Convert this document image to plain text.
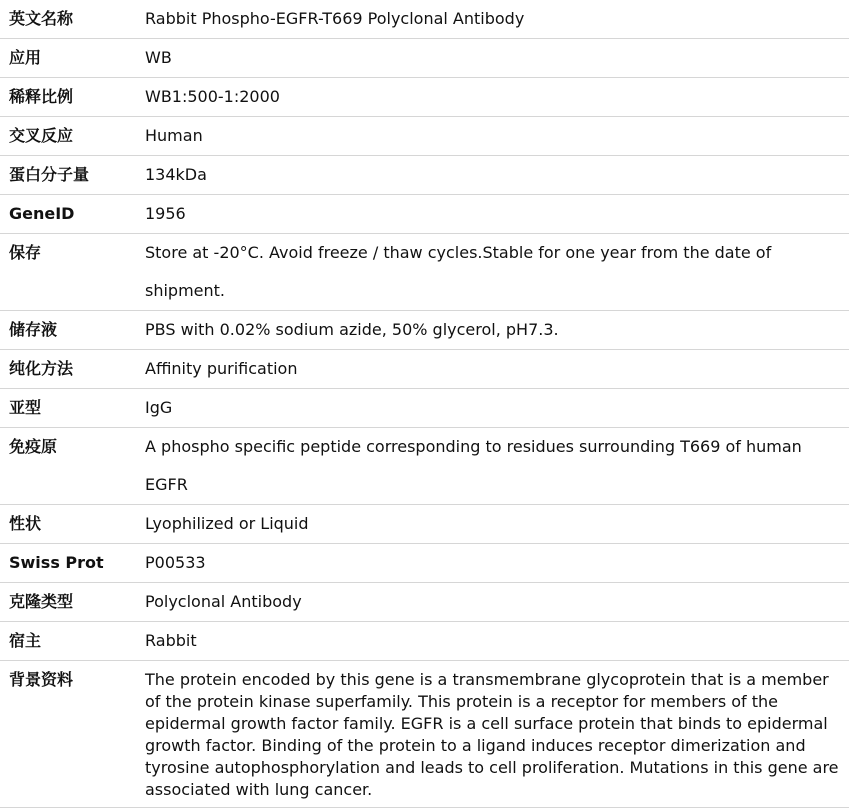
英文名称	Rabbit Phospho-EGFR-T669 Polyclonal Antibody
应用	WB
稀释比例	WB1:500-1:2000
交叉反应	Human
蛋白分子量	134kDa
GeneID	1956
保存	Store at -20°C. Avoid freeze / thaw cycles.Stable for one year from the date of shipment.
储存液	PBS with 0.02% sodium azide, 50% glycerol, pH7.3.
纯化方法	Affinity purification
亚型	IgG
免疫原	A phospho specific peptide corresponding to residues surrounding T669 of human EGFR
性状	Lyophilized or Liquid
Swiss Prot	P00533
克隆类型	Polyclonal Antibody
宿主	Rabbit
背景资料	The protein encoded by this gene is a transmembrane glycoprotein that is a member of the protein kinase superfamily. This protein is a receptor for members of the epidermal growth factor family. EGFR is a cell surface protein that binds to epidermal growth factor. Binding of the protein to a ligand induces receptor dimerization and tyrosine autophosphorylation and leads to cell proliferation. Mutations in this gene are associated with lung cancer.
